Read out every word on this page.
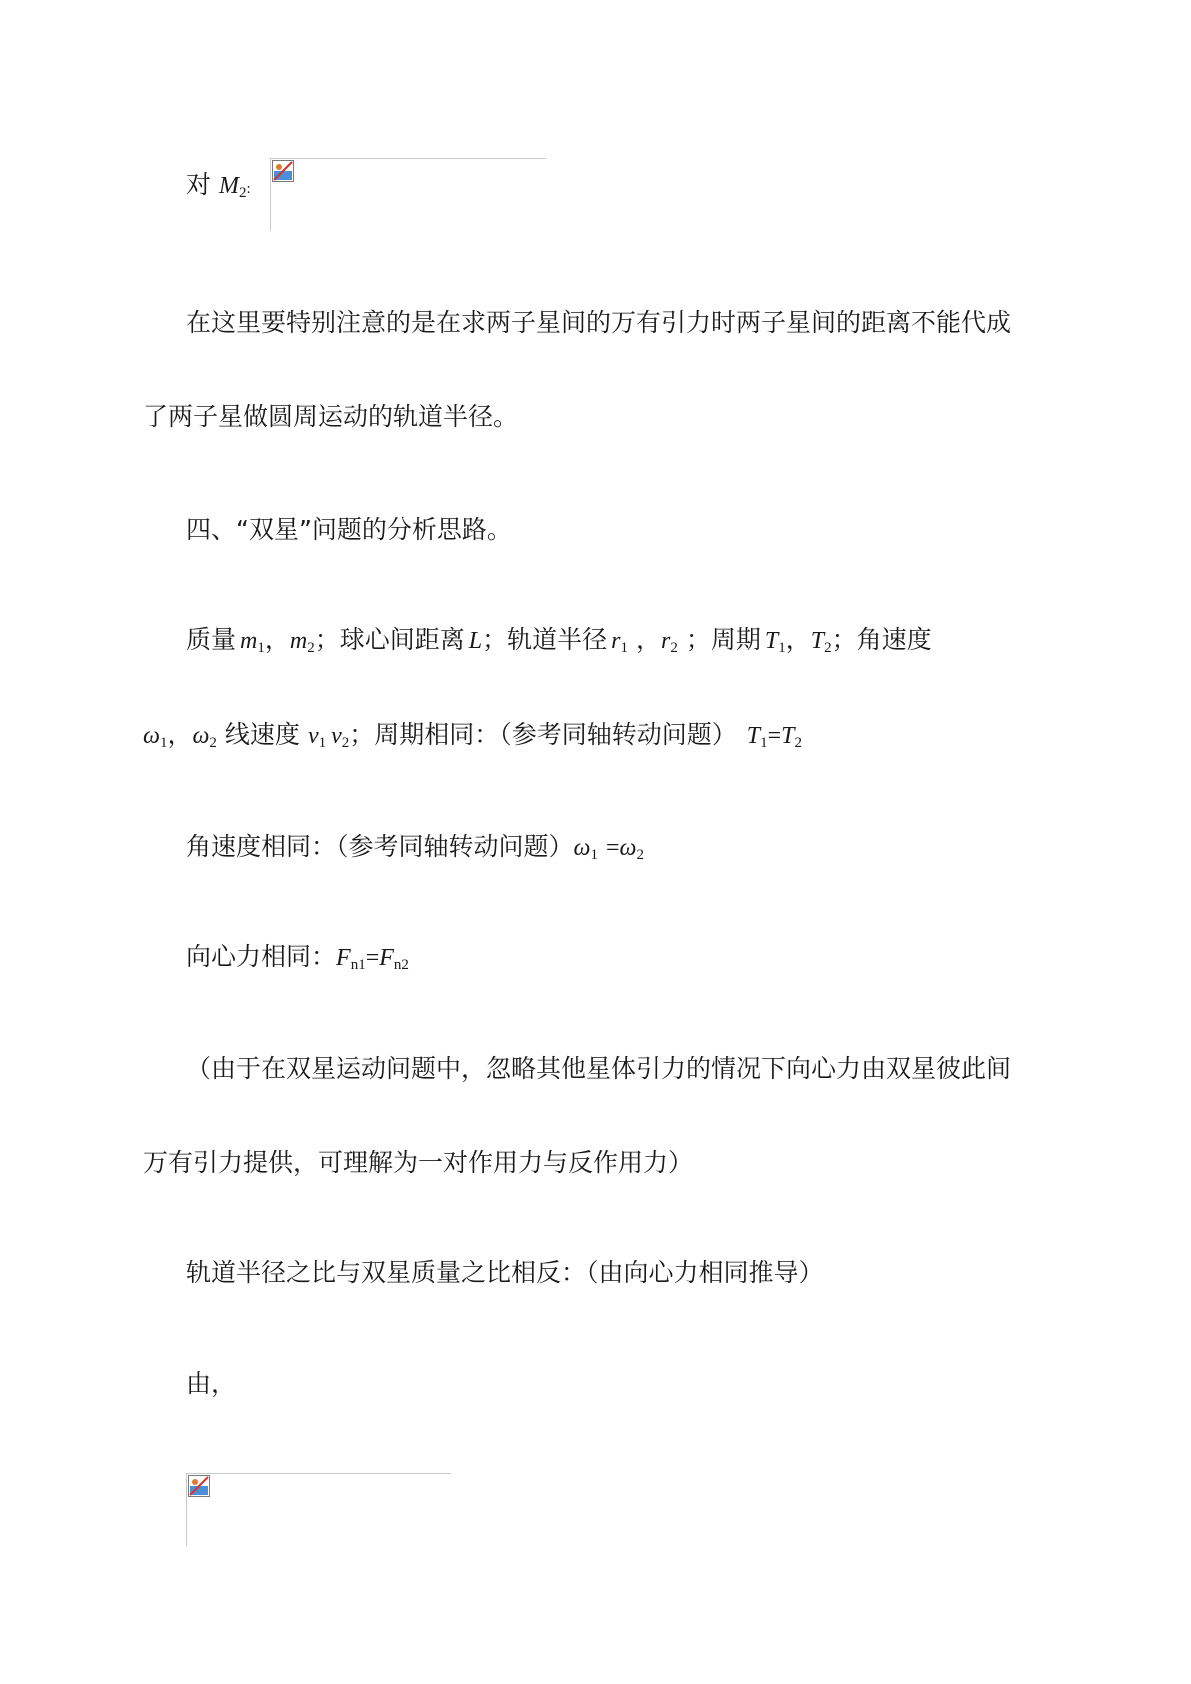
对 $M_2$:
在这里要特别注意的是在求两子星间的万有引力时两子星间的距离不能代成
了两子星做圆周运动的轨道半径。
四、“双星”问题的分析思路。
质量 $m_1$，$m_2$；球心间距离 L；轨道半径 $r_1$ ，$r_2$ ；周期 $T_1$，$T_2$；角速度
$\omega_1$，$\omega_2$ 线速度 $v_1$ $v_2$；周期相同：（参考同轴转动问题） $T_1=T_2$
角速度相同：（参考同轴转动问题）$\omega_1 =\omega_2$
向心力相同：$F_{n1}=F_{n2}$
（由于在双星运动问题中，忽略其他星体引力的情况下向心力由双星彼此间
万有引力提供，可理解为一对作用力与反作用力）
轨道半径之比与双星质量之比相反：（由向心力相同推导）
由，
